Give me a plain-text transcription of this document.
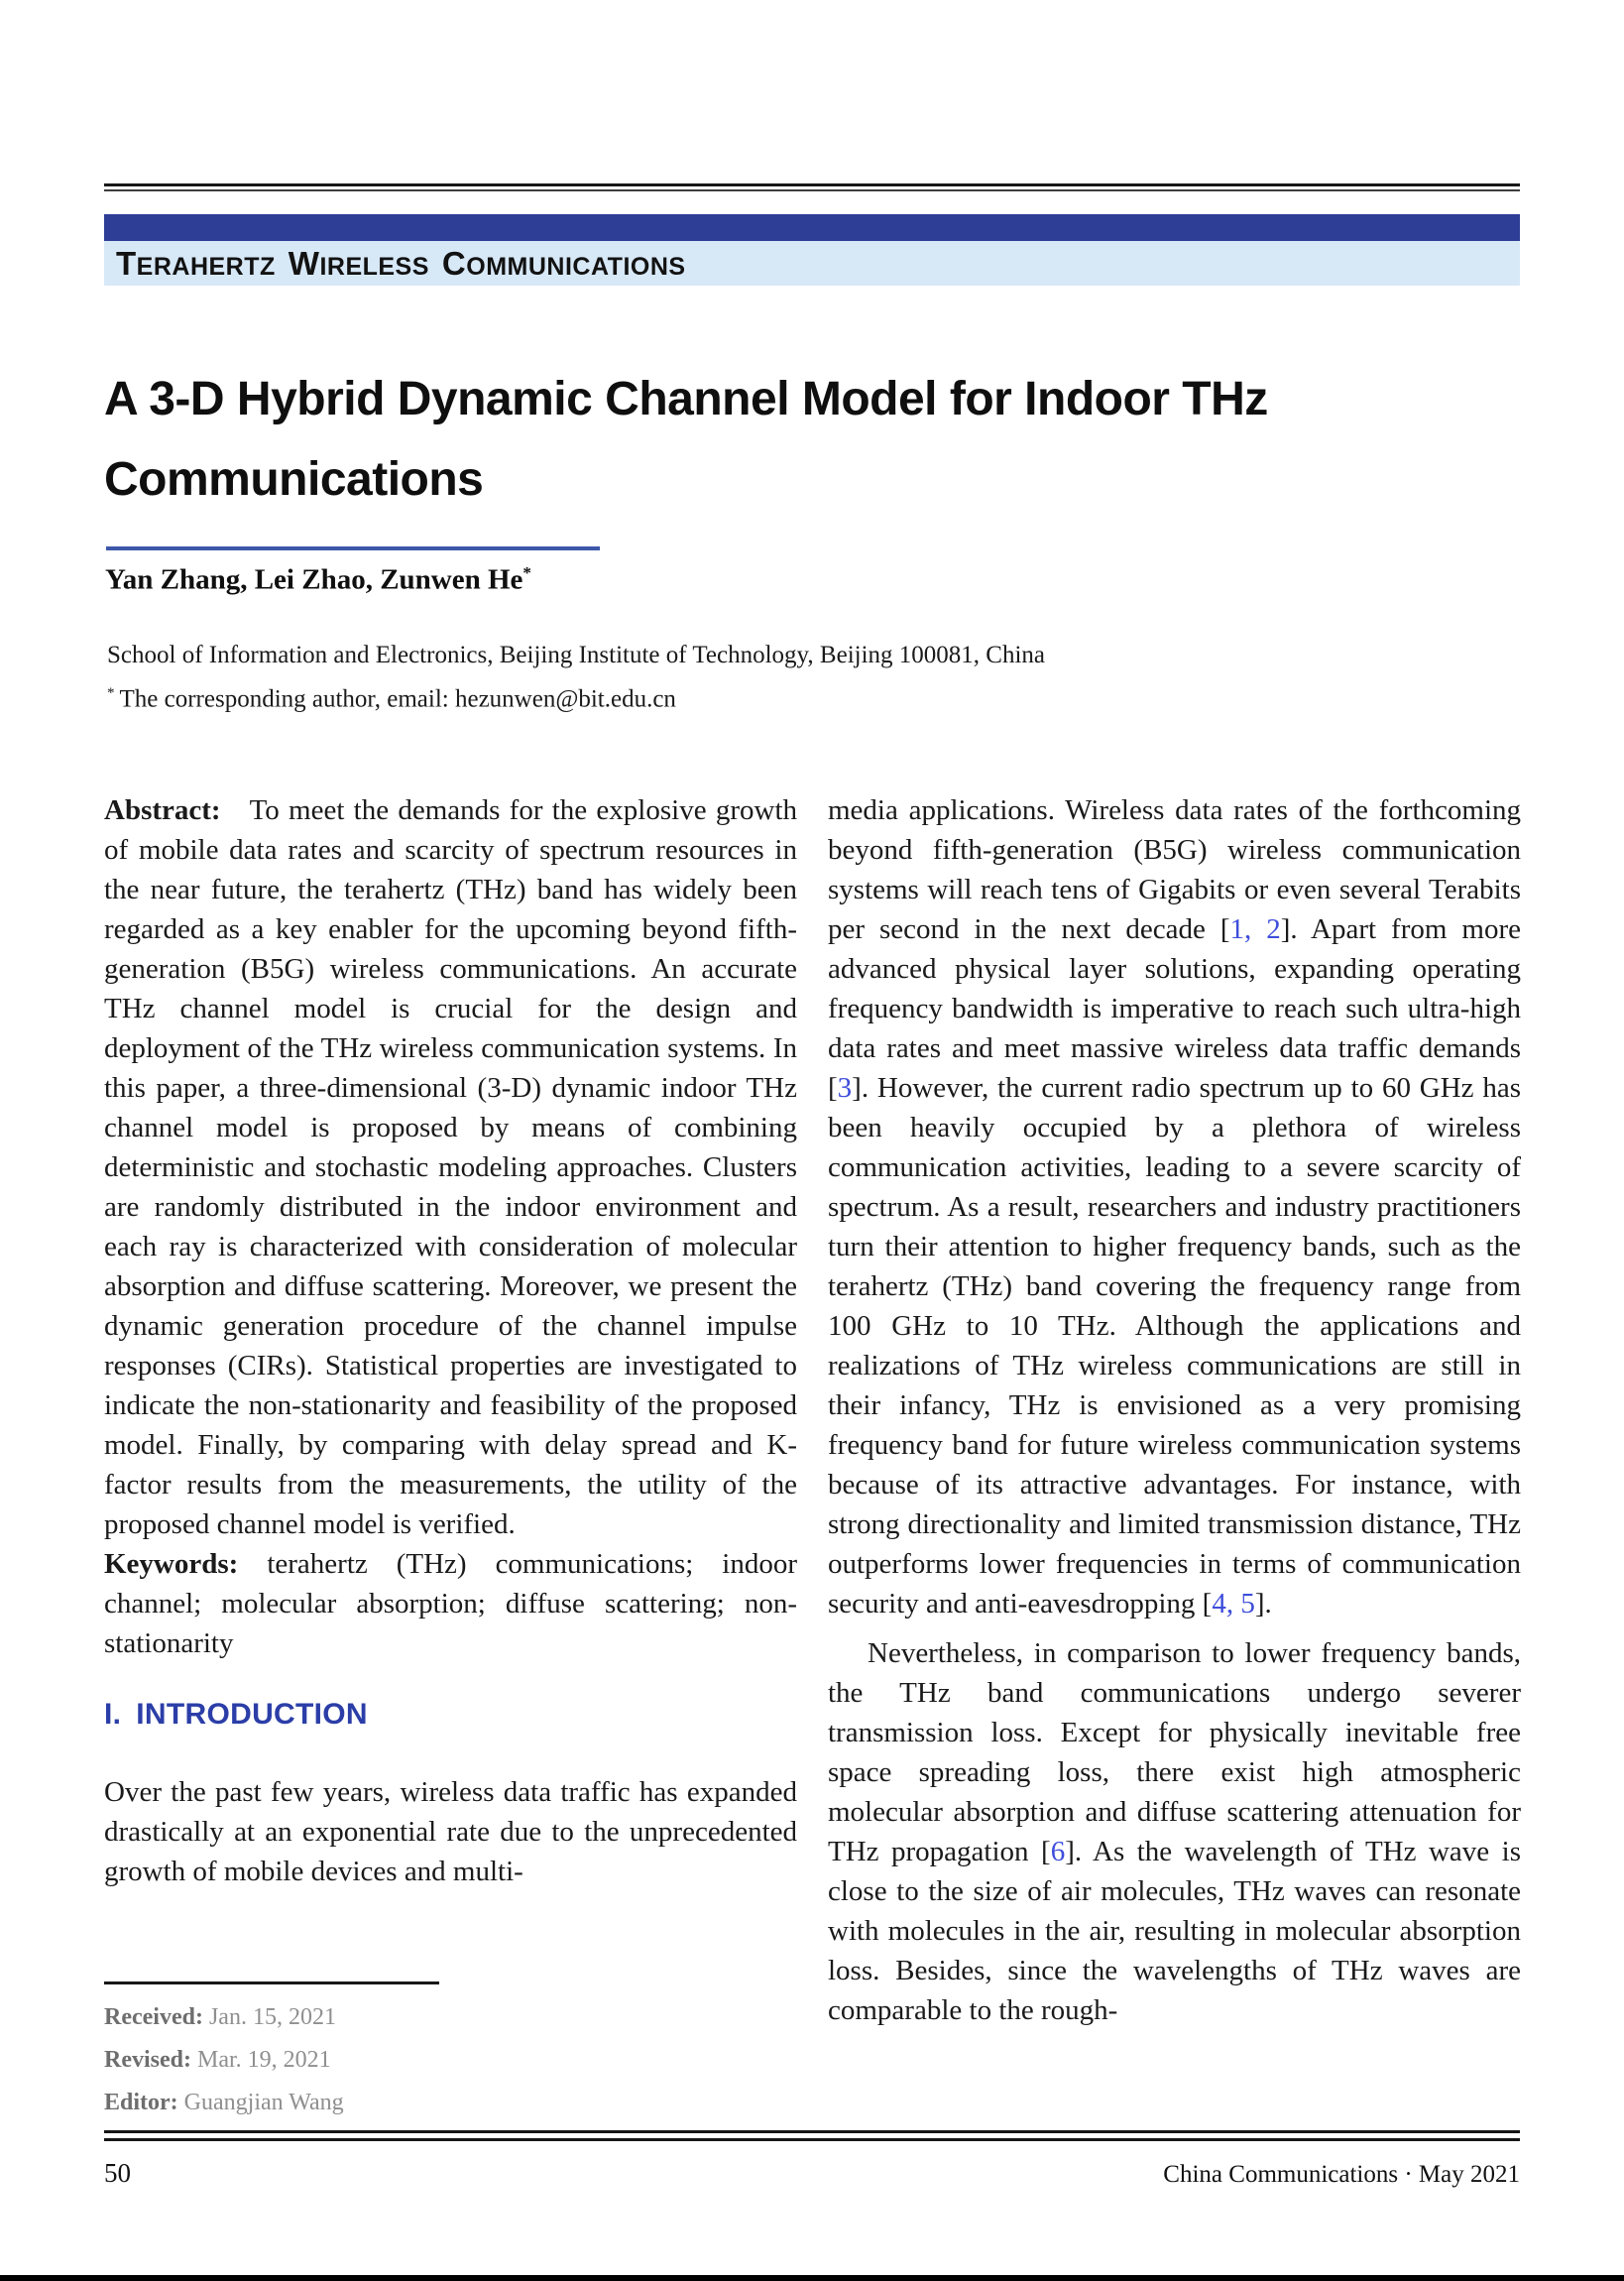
TERAHERTZ WIRELESS COMMUNICATIONS
A 3-D Hybrid Dynamic Channel Model for Indoor THz
Communications
Yan Zhang, Lei Zhao, Zunwen He*
School of Information and Electronics, Beijing Institute of Technology, Beijing 100081, China
* The corresponding author, email: hezunwen@bit.edu.cn

Abstract:  To meet the demands for the explosive growth of mobile data rates and scarcity of spectrum resources in the near future, the terahertz (THz) band has widely been regarded as a key enabler for the upcoming beyond fifth-generation (B5G) wireless communications. An accurate THz channel model is crucial for the design and deployment of the THz wireless communication systems. In this paper, a three-dimensional (3-D) dynamic indoor THz channel model is proposed by means of combining deterministic and stochastic modeling approaches. Clusters are randomly distributed in the indoor environment and each ray is characterized with consideration of molecular absorption and diffuse scattering. Moreover, we present the dynamic generation procedure of the channel impulse responses (CIRs). Statistical properties are investigated to indicate the non-stationarity and feasibility of the proposed model. Finally, by comparing with delay spread and K-factor results from the measurements, the utility of the proposed channel model is verified.

Keywords: terahertz (THz) communications; indoor channel; molecular absorption; diffuse scattering; non-stationarity

I. INTRODUCTION

Over the past few years, wireless data traffic has expanded drastically at an exponential rate due to the unprecedented growth of mobile devices and multi-

media applications. Wireless data rates of the forthcoming beyond fifth-generation (B5G) wireless communication systems will reach tens of Gigabits or even several Terabits per second in the next decade [1, 2]. Apart from more advanced physical layer solutions, expanding operating frequency bandwidth is imperative to reach such ultra-high data rates and meet massive wireless data traffic demands [3]. However, the current radio spectrum up to 60 GHz has been heavily occupied by a plethora of wireless communication activities, leading to a severe scarcity of spectrum. As a result, researchers and industry practitioners turn their attention to higher frequency bands, such as the terahertz (THz) band covering the frequency range from 100 GHz to 10 THz. Although the applications and realizations of THz wireless communications are still in their infancy, THz is envisioned as a very promising frequency band for future wireless communication systems because of its attractive advantages. For instance, with strong directionality and limited transmission distance, THz outperforms lower frequencies in terms of communication security and anti-eavesdropping [4, 5].

Nevertheless, in comparison to lower frequency bands, the THz band communications undergo severer transmission loss. Except for physically inevitable free space spreading loss, there exist high atmospheric molecular absorption and diffuse scattering attenuation for THz propagation [6]. As the wavelength of THz wave is close to the size of air molecules, THz waves can resonate with molecules in the air, resulting in molecular absorption loss. Besides, since the wavelengths of THz waves are comparable to the rough-

Received: Jan. 15, 2021
Revised: Mar. 19, 2021
Editor: Guangjian Wang
50	China Communications · May 2021
